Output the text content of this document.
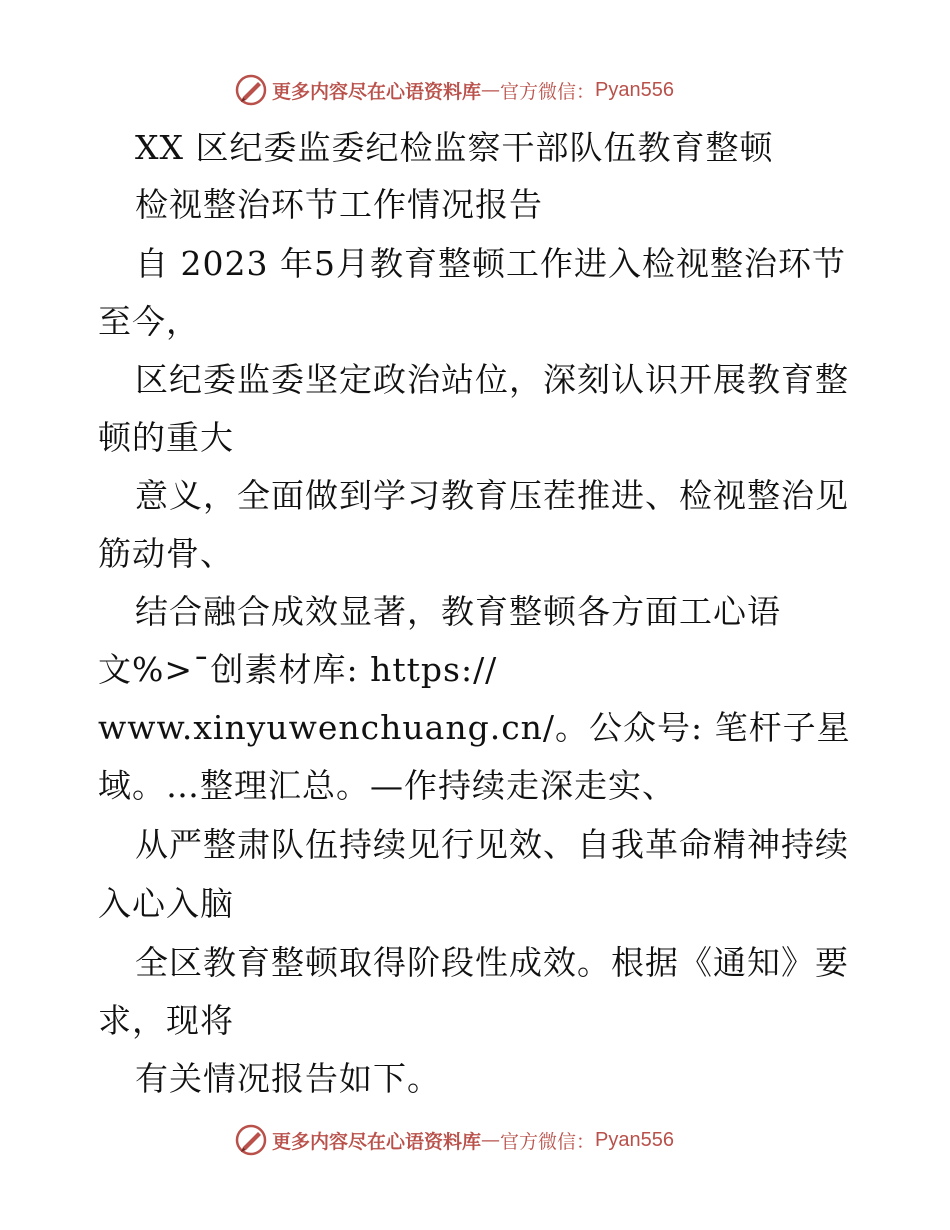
更多内容尽在心语资料库 — 官方微信： Pyan556
XX 区纪委监委纪检监察干部队伍教育整顿
检视整治环节工作情况报告
自 2023 年5月教育整顿工作进入检视整治环节
至今，
区纪委监委坚定政治站位，深刻认识开展教育整
顿的重大
意义，全面做到学习教育压茬推进、检视整治见
筋动骨、
结合融合成效显著，教育整顿各方面工心语
文%>¯创素材库: https://
www.xinyuwenchuang.cn/。公众号: 笔杆子星
域。…整理汇总。—作持续走深走实、
从严整肃队伍持续见行见效、自我革命精神持续
入心入脑
全区教育整顿取得阶段性成效。根据《通知》要
求，现将
有关情况报告如下。
更多内容尽在心语资料库 — 官方微信： Pyan556
